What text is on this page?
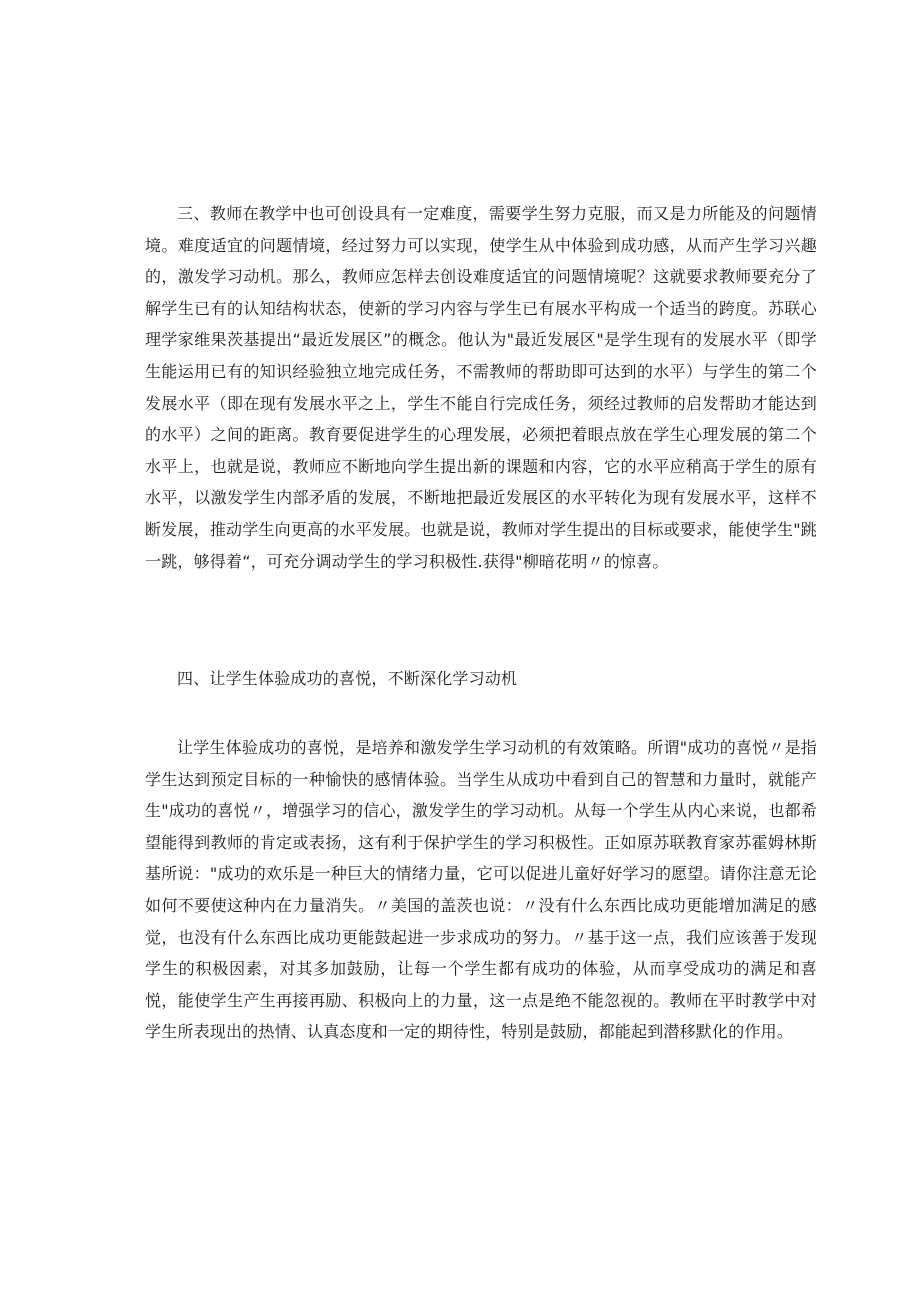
三、教师在教学中也可创设具有一定难度，需要学生努力克服，而又是力所能及的问题情境。难度适宜的问题情境，经过努力可以实现，使学生从中体验到成功感，从而产生学习兴趣的，激发学习动机。那么，教师应怎样去创设难度适宜的问题情境呢？这就要求教师要充分了解学生已有的认知结构状态，使新的学习内容与学生已有展水平构成一个适当的跨度。苏联心理学家维果茨基提出“最近发展区”的概念。他认为"最近发展区"是学生现有的发展水平（即学生能运用已有的知识经验独立地完成任务，不需教师的帮助即可达到的水平）与学生的第二个发展水平（即在现有发展水平之上，学生不能自行完成任务，须经过教师的启发帮助才能达到的水平）之间的距离。教育要促进学生的心理发展，必须把着眼点放在学生心理发展的第二个水平上，也就是说，教师应不断地向学生提出新的课题和内容，它的水平应稍高于学生的原有水平，以激发学生内部矛盾的发展，不断地把最近发展区的水平转化为现有发展水平，这样不断发展，推动学生向更高的水平发展。也就是说，教师对学生提出的目标或要求，能使学生"跳一跳，够得着“，可充分调动学生的学习积极性.获得"柳暗花明〃的惊喜。

四、让学生体验成功的喜悦，不断深化学习动机

让学生体验成功的喜悦，是培养和激发学生学习动机的有效策略。所谓"成功的喜悦〃是指学生达到预定目标的一种愉快的感情体验。当学生从成功中看到自己的智慧和力量时，就能产生"成功的喜悦〃，增强学习的信心，激发学生的学习动机。从每一个学生从内心来说，也都希望能得到教师的肯定或表扬，这有利于保护学生的学习积极性。正如原苏联教育家苏霍姆林斯基所说："成功的欢乐是一种巨大的情绪力量，它可以促进儿童好好学习的愿望。请你注意无论如何不要使这种内在力量消失。〃美国的盖茨也说：〃没有什么东西比成功更能增加满足的感觉，也没有什么东西比成功更能鼓起进一步求成功的努力。〃基于这一点，我们应该善于发现学生的积极因素，对其多加鼓励，让每一个学生都有成功的体验，从而享受成功的满足和喜悦，能使学生产生再接再励、积极向上的力量，这一点是绝不能忽视的。教师在平时教学中对学生所表现出的热情、认真态度和一定的期待性，特别是鼓励，都能起到潜移默化的作用。
